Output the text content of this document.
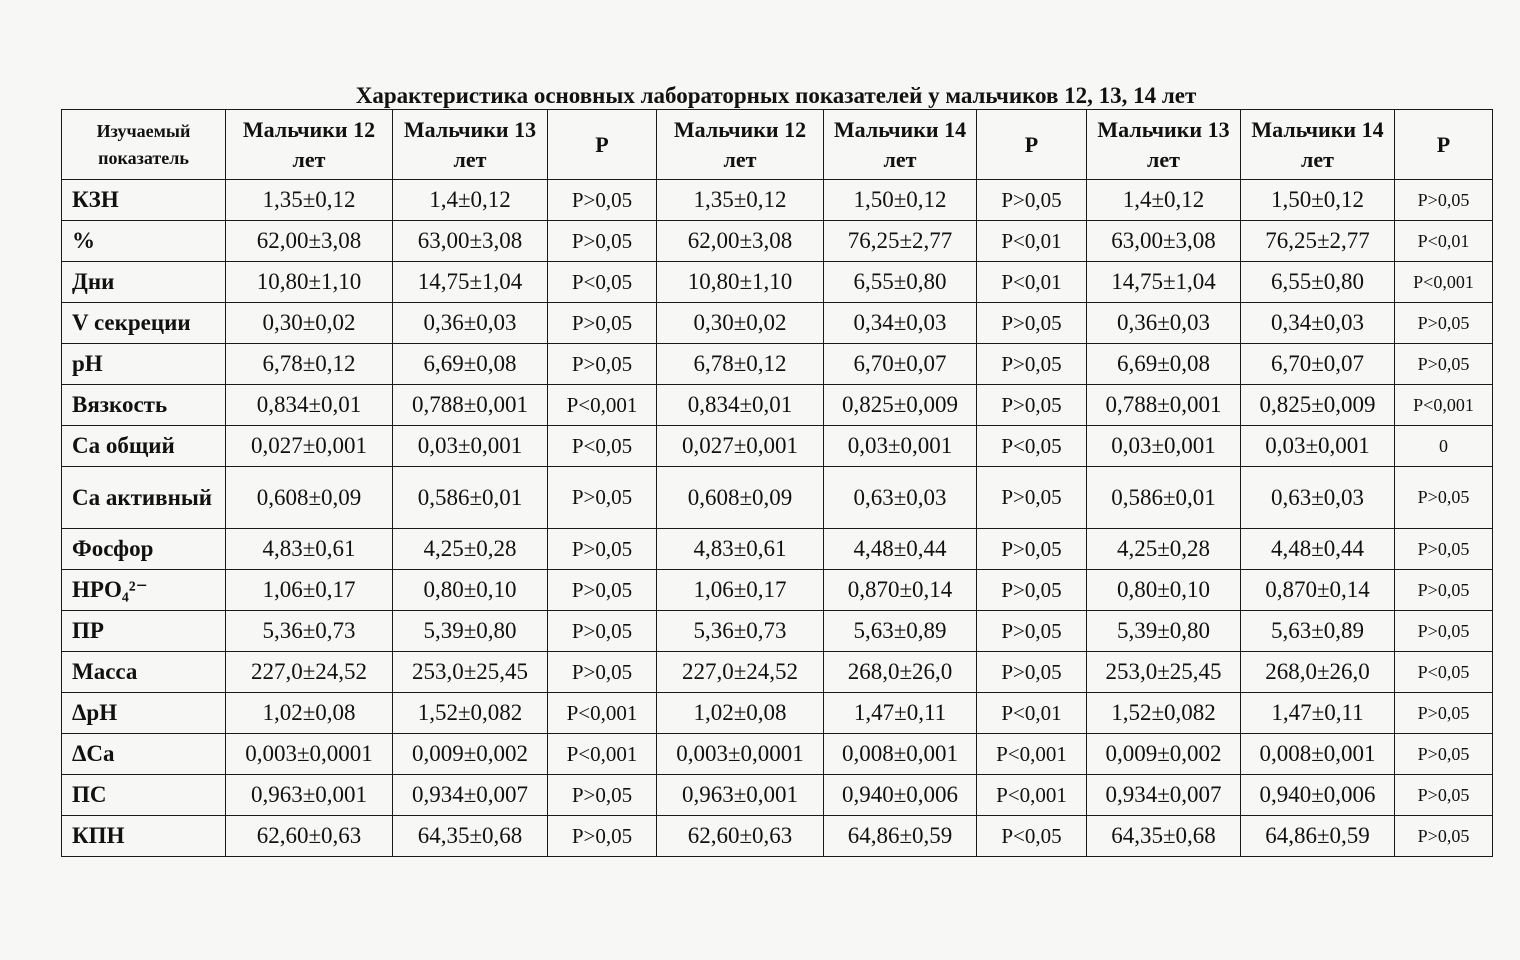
Характеристика основных лабораторных показателей у мальчиков 12, 13, 14 лет
Изучаемый показатель	Мальчики 12 лет	Мальчики 13 лет	P	Мальчики 12 лет	Мальчики 14 лет	P	Мальчики 13 лет	Мальчики 14 лет	P
КЗН	1,35±0,12	1,4±0,12	P>0,05	1,35±0,12	1,50±0,12	P>0,05	1,4±0,12	1,50±0,12	P>0,05
%	62,00±3,08	63,00±3,08	P>0,05	62,00±3,08	76,25±2,77	P<0,01	63,00±3,08	76,25±2,77	P<0,01
Дни	10,80±1,10	14,75±1,04	P<0,05	10,80±1,10	6,55±0,80	P<0,01	14,75±1,04	6,55±0,80	P<0,001
V секреции	0,30±0,02	0,36±0,03	P>0,05	0,30±0,02	0,34±0,03	P>0,05	0,36±0,03	0,34±0,03	P>0,05
pH	6,78±0,12	6,69±0,08	P>0,05	6,78±0,12	6,70±0,07	P>0,05	6,69±0,08	6,70±0,07	P>0,05
Вязкость	0,834±0,01	0,788±0,001	P<0,001	0,834±0,01	0,825±0,009	P>0,05	0,788±0,001	0,825±0,009	P<0,001
Ca общий	0,027±0,001	0,03±0,001	P<0,05	0,027±0,001	0,03±0,001	P<0,05	0,03±0,001	0,03±0,001	0
Ca активный	0,608±0,09	0,586±0,01	P>0,05	0,608±0,09	0,63±0,03	P>0,05	0,586±0,01	0,63±0,03	P>0,05
Фосфор	4,83±0,61	4,25±0,28	P>0,05	4,83±0,61	4,48±0,44	P>0,05	4,25±0,28	4,48±0,44	P>0,05
HPO₄²⁻	1,06±0,17	0,80±0,10	P>0,05	1,06±0,17	0,870±0,14	P>0,05	0,80±0,10	0,870±0,14	P>0,05
ПР	5,36±0,73	5,39±0,80	P>0,05	5,36±0,73	5,63±0,89	P>0,05	5,39±0,80	5,63±0,89	P>0,05
Масса	227,0±24,52	253,0±25,45	P>0,05	227,0±24,52	268,0±26,0	P>0,05	253,0±25,45	268,0±26,0	P<0,05
ΔpH	1,02±0,08	1,52±0,082	P<0,001	1,02±0,08	1,47±0,11	P<0,01	1,52±0,082	1,47±0,11	P>0,05
ΔCa	0,003±0,0001	0,009±0,002	P<0,001	0,003±0,0001	0,008±0,001	P<0,001	0,009±0,002	0,008±0,001	P>0,05
ПС	0,963±0,001	0,934±0,007	P>0,05	0,963±0,001	0,940±0,006	P<0,001	0,934±0,007	0,940±0,006	P>0,05
КПН	62,60±0,63	64,35±0,68	P>0,05	62,60±0,63	64,86±0,59	P<0,05	64,35±0,68	64,86±0,59	P>0,05
